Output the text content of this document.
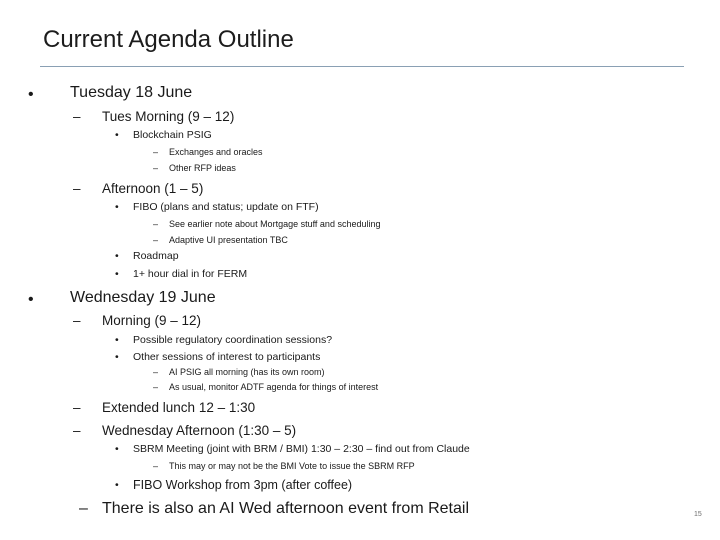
Current Agenda Outline
• Tuesday 18 June
– Tues Morning (9 – 12)
• Blockchain PSIG
– Exchanges and oracles
– Other RFP ideas
– Afternoon (1 – 5)
• FIBO (plans and status; update on FTF)
– See earlier note about Mortgage stuff and scheduling
– Adaptive UI presentation TBC
• Roadmap
• 1+ hour dial in for FERM
• Wednesday 19 June
– Morning (9 – 12)
• Possible regulatory coordination sessions?
• Other sessions of interest to participants
– AI PSIG all morning (has its own room)
– As usual, monitor ADTF agenda for things of interest
– Extended lunch 12 – 1:30
– Wednesday Afternoon (1:30 – 5)
• SBRM Meeting (joint with BRM / BMI) 1:30 – 2:30 – find out from Claude
– This may or may not be the BMI Vote to issue the SBRM RFP
• FIBO Workshop from 3pm (after coffee)
– There is also an AI Wed afternoon event from Retail	15
